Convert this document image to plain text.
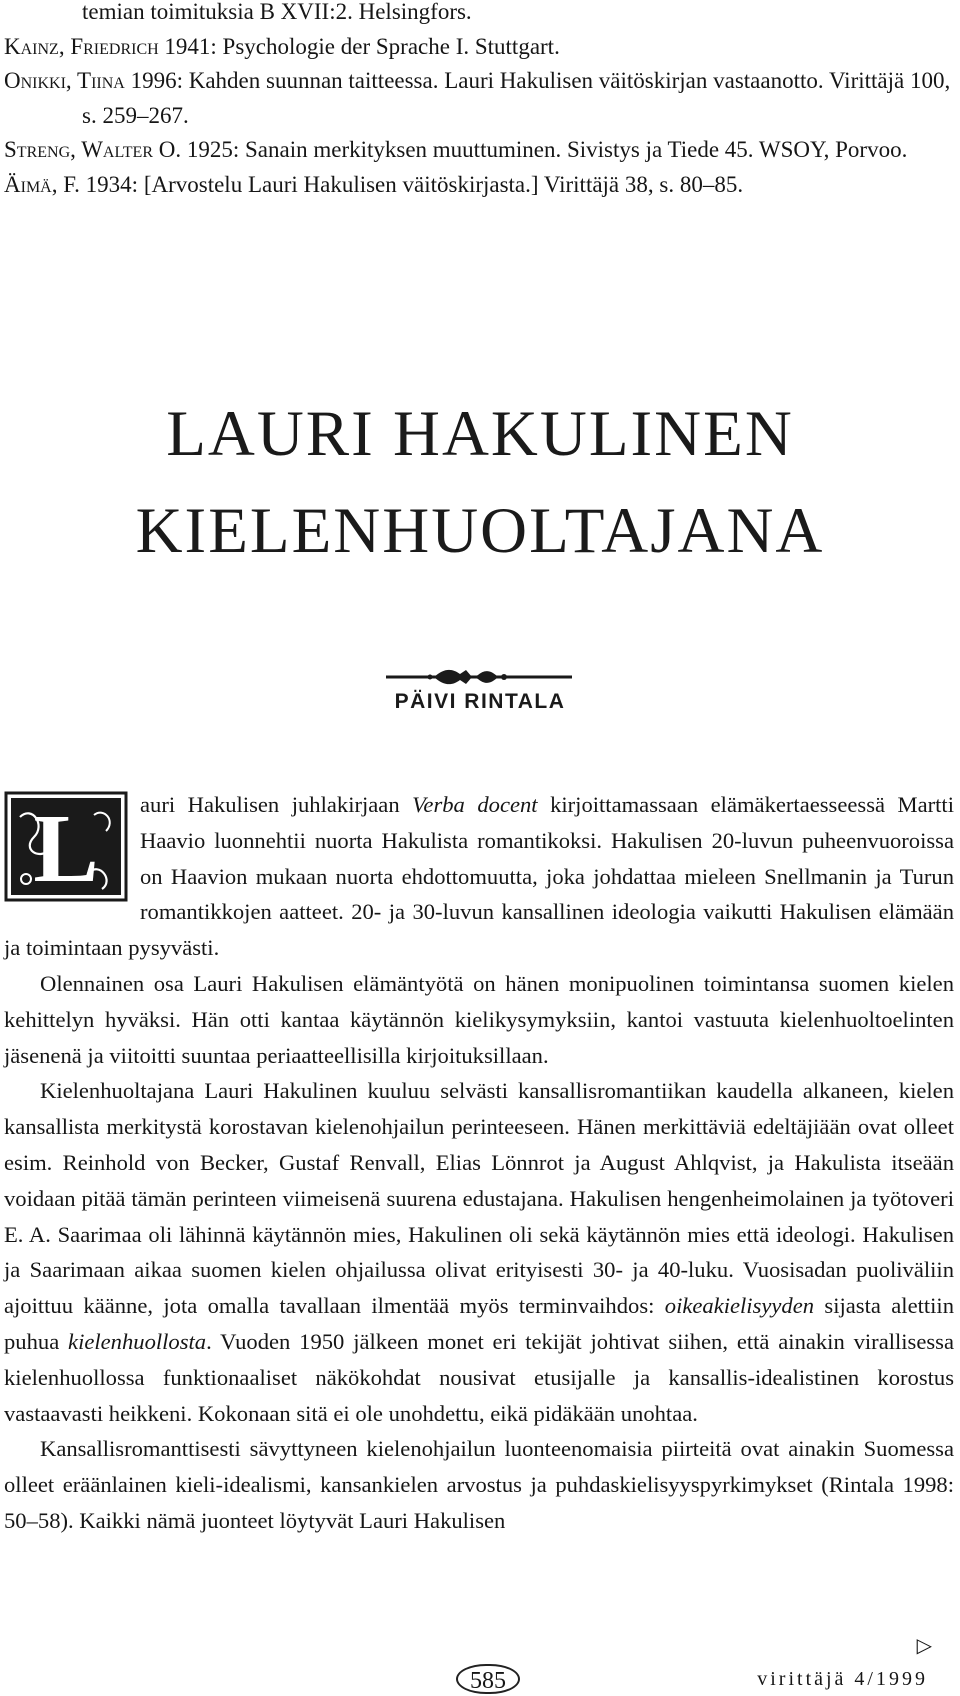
temian toimituksia B XVII:2. Helsingfors.

Kainz, Friedrich 1941: Psychologie der Sprache I. Stuttgart.

Onikki, Tiina 1996: Kahden suunnan taitteessa. Lauri Hakulisen väitöskirjan vastaanotto. Virittäjä 100, s. 259–267.

Streng, Walter O. 1925: Sanain merkityksen muuttuminen. Sivistys ja Tiede 45. WSOY, Porvoo.

Äimä, F. 1934: [Arvostelu Lauri Hakulisen väitöskirjasta.] Virittäjä 38, s. 80–85.

LAURI HAKULINEN
KIELENHUOLTAJANA
PÄIVI RINTALA

L auri Hakulisen juhlakirjaan Verba docent kirjoittamassaan elämäkertaesseessä Martti Haavio luonnehtii nuorta Hakulista romantikoksi. Hakulisen 20-luvun puheenvuoroissa on Haavion mukaan nuorta ehdottomuutta, joka johdattaa mieleen Snellmanin ja Turun romantikkojen aatteet. 20- ja 30-luvun kansallinen ideologia vaikutti Hakulisen elämään ja toimintaan pysyvästi.

Olennainen osa Lauri Hakulisen elämäntyötä on hänen monipuolinen toimintansa suomen kielen kehittelyn hyväksi. Hän otti kantaa käytännön kielikysymyksiin, kantoi vastuuta kielenhuoltoelinten jäsenenä ja viitoitti suuntaa periaatteellisilla kirjoituksillaan.

Kielenhuoltajana Lauri Hakulinen kuuluu selvästi kansallisromantiikan kaudella alkaneen, kielen kansallista merkitystä korostavan kielenohjailun perinteeseen. Hänen merkittäviä edeltäjiään ovat olleet esim. Reinhold von Becker, Gustaf Renvall, Elias Lönnrot ja August Ahlqvist, ja Hakulista itseään voidaan pitää tämän perinteen viimeisenä suurena edustajana. Hakulisen hengenheimolainen ja työtoveri E. A. Saarimaa oli lähinnä käytännön mies, Hakulinen oli sekä käytännön mies että ideologi. Hakulisen ja Saarimaan aikaa suomen kielen ohjailussa olivat erityisesti 30- ja 40-luku. Vuosisadan puoliväliin ajoittuu käänne, jota omalla tavallaan ilmentää myös terminvaihdos: oikeakielisyyden sijasta alettiin puhua kielenhuollosta. Vuoden 1950 jälkeen monet eri tekijät johtivat siihen, että ainakin virallisessa kielenhuollossa funktionaaliset näkökohdat nousivat etusijalle ja kansallis-idealistinen korostus vastaavasti heikkeni. Kokonaan sitä ei ole unohdettu, eikä pidäkään unohtaa.

Kansallisromanttisesti sävyttyneen kielenohjailun luonteenomaisia piirteitä ovat ainakin Suomessa olleet eräänlainen kieli-idealismi, kansankielen arvostus ja puhdaskielisyyspyrkimykset (Rintala 1998: 50–58). Kaikki nämä juonteet löytyvät Lauri Hakulisen

▷
585	virittäjä 4/1999
